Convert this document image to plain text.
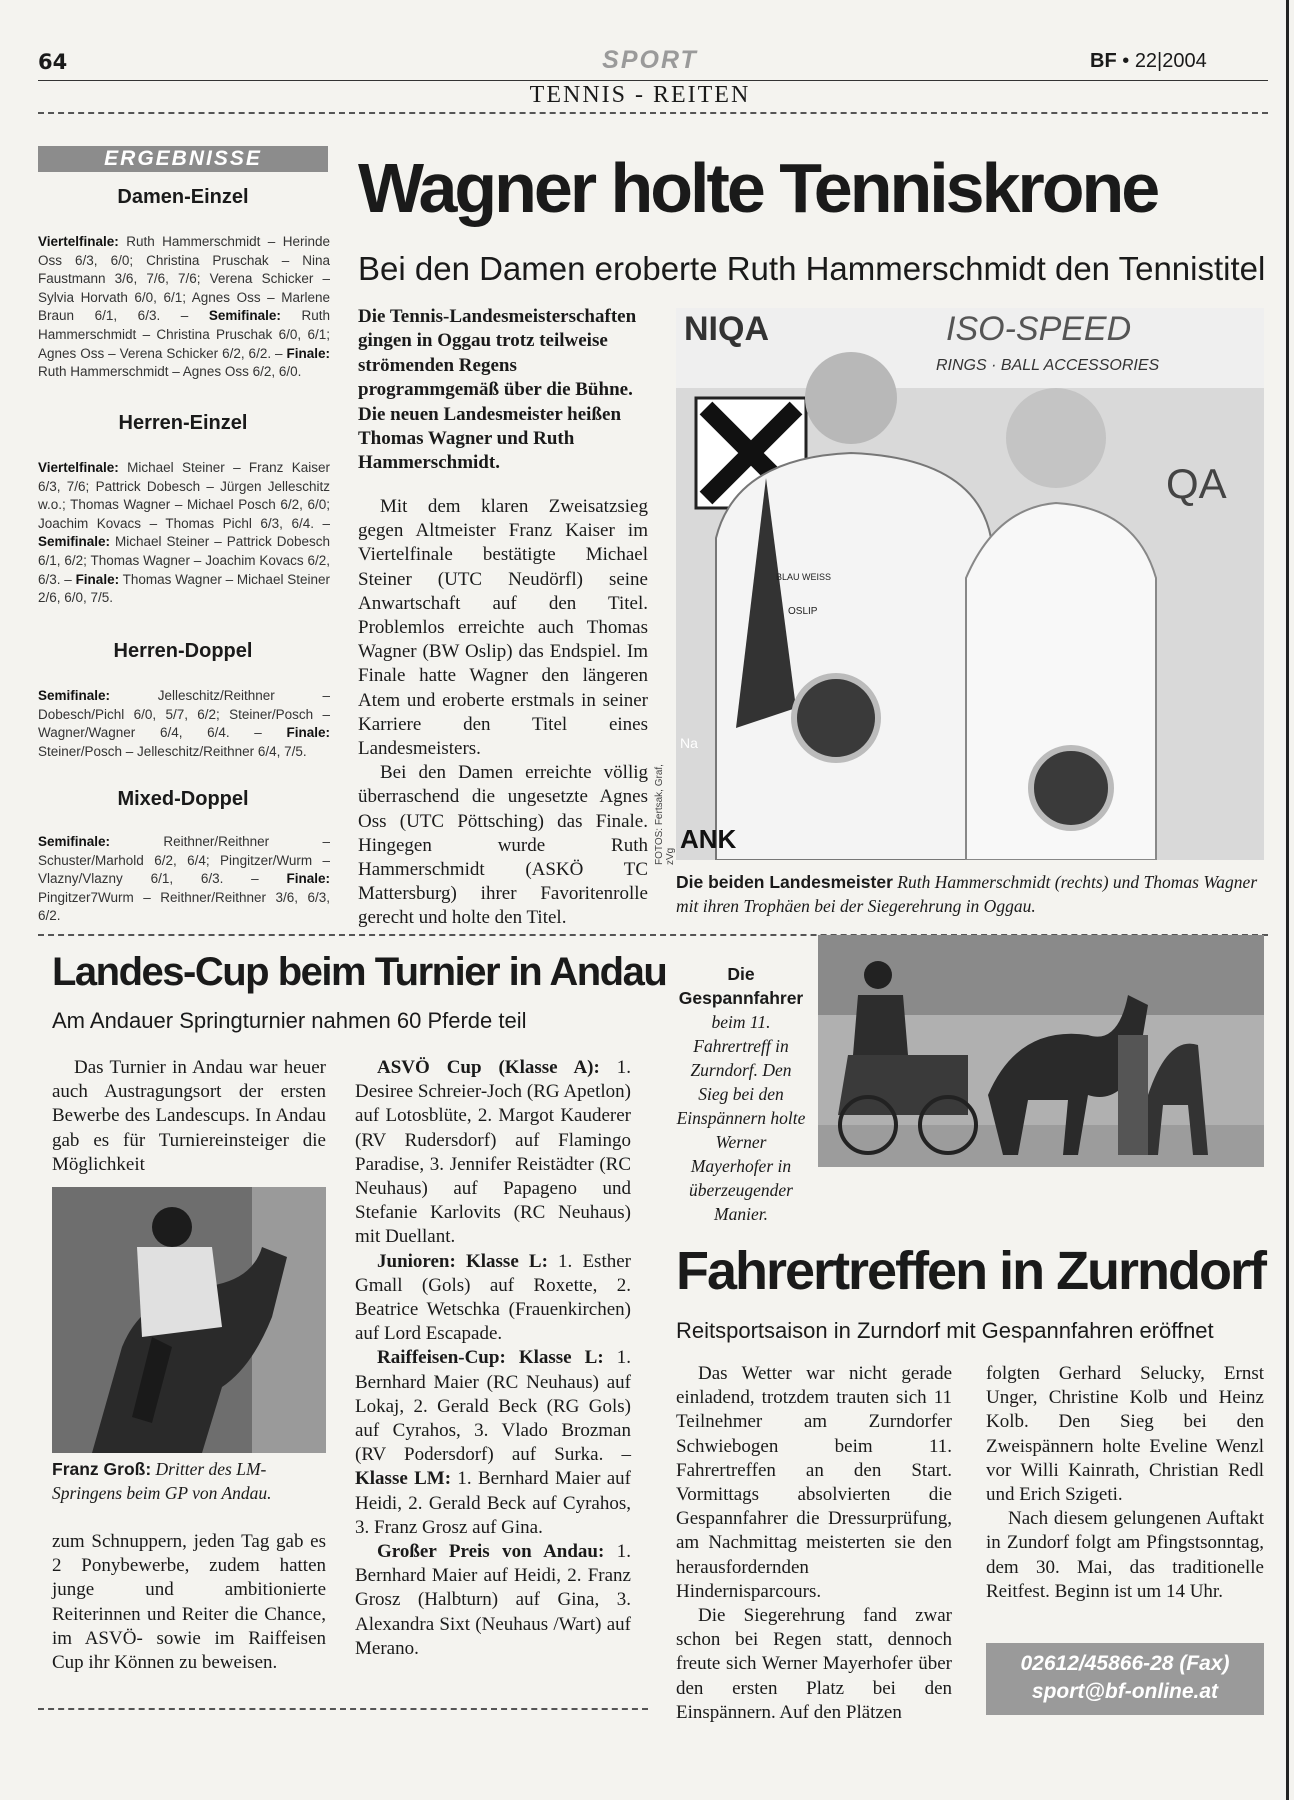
64	SPORT	BF • 22|2004
TENNIS - REITEN
ERGEBNISSE
Damen-Einzel
Viertelfinale: Ruth Hammerschmidt – Herinde Oss 6/3, 6/0; Christina Pruschak – Nina Faustmann 3/6, 7/6, 7/6; Verena Schicker – Sylvia Horvath 6/0, 6/1; Agnes Oss – Marlene Braun 6/1, 6/3. – Semifinale: Ruth Hammerschmidt – Christina Pruschak 6/0, 6/1; Agnes Oss – Verena Schicker 6/2, 6/2. – Finale: Ruth Hammerschmidt – Agnes Oss 6/2, 6/0.
Herren-Einzel
Viertelfinale: Michael Steiner – Franz Kaiser 6/3, 7/6; Pattrick Dobesch – Jürgen Jelleschitz w.o.; Thomas Wagner – Michael Posch 6/2, 6/0; Joachim Kovacs – Thomas Pichl 6/3, 6/4. – Semifinale: Michael Steiner – Pattrick Dobesch 6/1, 6/2; Thomas Wagner – Joachim Kovacs 6/2, 6/3. – Finale: Thomas Wagner – Michael Steiner 2/6, 6/0, 7/5.
Herren-Doppel
Semifinale: Jelleschitz/Reithner – Dobesch/Pichl 6/0, 5/7, 6/2; Steiner/Posch – Wagner/Wagner 6/4, 6/4. – Finale: Steiner/Posch – Jelleschitz/Reithner 6/4, 7/5.
Mixed-Doppel
Semifinale: Reithner/Reithner – Schuster/Marhold 6/2, 6/4; Pingitzer/Wurm – Vlazny/Vlazny 6/1, 6/3. – Finale: Pingitzer7Wurm – Reithner/Reithner 3/6, 6/3, 6/2.
Wagner holte Tenniskrone
Bei den Damen eroberte Ruth Hammerschmidt den Tennistitel
Die Tennis-Landesmeisterschaften gingen in Oggau trotz teilweise strömenden Regens programmgemäß über die Bühne. Die neuen Landesmeister heißen Thomas Wagner und Ruth Hammerschmidt.

Mit dem klaren Zweisatzsieg gegen Altmeister Franz Kaiser im Viertelfinale bestätigte Michael Steiner (UTC Neudörfl) seine Anwartschaft auf den Titel. Problemlos erreichte auch Thomas Wagner (BW Oslip) das Endspiel. Im Finale hatte Wagner den längeren Atem und eroberte erstmals in seiner Karriere den Titel eines Landesmeisters.

Bei den Damen erreichte völlig überraschend die ungesetzte Agnes Oss (UTC Pöttsching) das Finale. Hingegen wurde Ruth Hammerschmidt (ASKÖ TC Mattersburg) ihrer Favoritenrolle gerecht und holte den Titel.

NIQA	ISO-SPEED
RINGS · BALL ACCESSORIES
QA
BLAU WEISS
OSLIP
ANK
Na
FOTOS: Fertsak, Graf, zVg
Die beiden Landesmeister Ruth Hammerschmidt (rechts) und Thomas Wagner mit ihren Trophäen bei der Siegerehrung in Oggau.
Landes-Cup beim Turnier in Andau
Am Andauer Springturnier nahmen 60 Pferde teil

Das Turnier in Andau war heuer auch Austragungsort der ersten Bewerbe des Landescups. In Andau gab es für Turniereinsteiger die Möglichkeit

Franz Groß: Dritter des LM-Springens beim GP von Andau.

zum Schnuppern, jeden Tag gab es 2 Ponybewerbe, zudem hatten junge und ambitionierte Reiterinnen und Reiter die Chance, im ASVÖ- sowie im Raiffeisen Cup ihr Können zu beweisen.

ASVÖ Cup (Klasse A): 1. Desiree Schreier-Joch (RG Apetlon) auf Lotosblüte, 2. Margot Kauderer (RV Rudersdorf) auf Flamingo Paradise, 3. Jennifer Reistädter (RC Neuhaus) auf Papageno und Stefanie Karlovits (RC Neuhaus) mit Duellant.

Junioren: Klasse L: 1. Esther Gmall (Gols) auf Roxette, 2. Beatrice Wetschka (Frauenkirchen) auf Lord Escapade.

Raiffeisen-Cup: Klasse L: 1. Bernhard Maier (RC Neuhaus) auf Lokaj, 2. Gerald Beck (RG Gols) auf Cyrahos, 3. Vlado Brozman (RV Podersdorf) auf Surka. – Klasse LM: 1. Bernhard Maier auf Heidi, 2. Gerald Beck auf Cyrahos, 3. Franz Grosz auf Gina.

Großer Preis von Andau: 1. Bernhard Maier auf Heidi, 2. Franz Grosz (Halbturn) auf Gina, 3. Alexandra Sixt (Neuhaus /Wart) auf Merano.

Die Gespannfahrer beim 11. Fahrertreff in Zurndorf. Den Sieg bei den Einspännern holte Werner Mayerhofer in überzeugender Manier.
Fahrertreffen in Zurndorf
Reitsportsaison in Zurndorf mit Gespannfahren eröffnet

Das Wetter war nicht gerade einladend, trotzdem trauten sich 11 Teilnehmer am Zurndorfer Schwiebogen beim 11. Fahrertreffen an den Start. Vormittags absolvierten die Gespannfahrer die Dressurprüfung, am Nachmittag meisterten sie den herausfordernden Hindernisparcours.

Die Siegerehrung fand zwar schon bei Regen statt, dennoch freute sich Werner Mayerhofer über den ersten Platz bei den Einspännern. Auf den Plätzen

folgten Gerhard Selucky, Ernst Unger, Christine Kolb und Heinz Kolb. Den Sieg bei den Zweispännern holte Eveline Wenzl vor Willi Kainrath, Christian Redl und Erich Szigeti.

Nach diesem gelungenen Auftakt in Zundorf folgt am Pfingstsonntag, dem 30. Mai, das traditionelle Reitfest. Beginn ist um 14 Uhr.

02612/45866-28 (Fax)
sport@bf-online.at
